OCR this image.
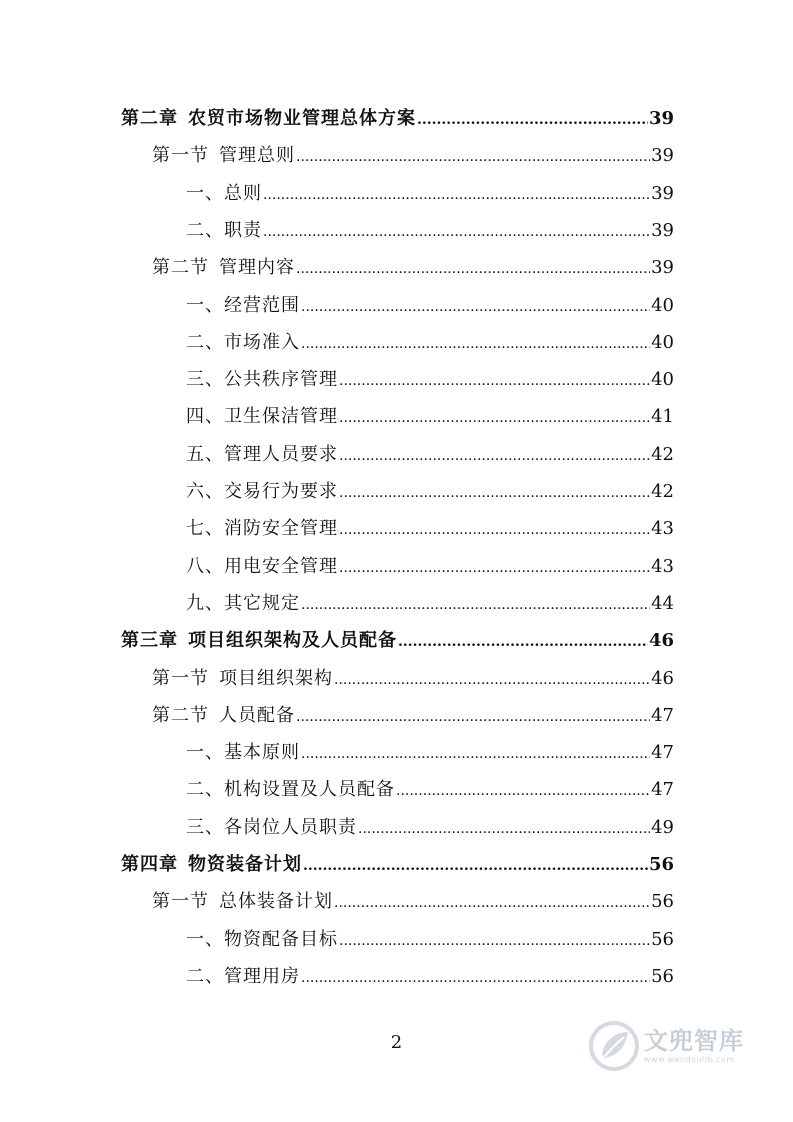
第二章 农贸市场物业管理总体方案 .....	39
第一节 管理总则 .....	39
一、总则 .....	39
二、职责 .....	39
第二节 管理内容 .....	39
一、经营范围 .....	40
二、市场准入 .....	40
三、公共秩序管理 .....	40
四、卫生保洁管理 .....	41
五、管理人员要求 .....	42
六、交易行为要求 .....	42
七、消防安全管理 .....	43
八、用电安全管理 .....	43
九、其它规定 .....	44
第三章 项目组织架构及人员配备 .....	46
第一节 项目组织架构 .....	46
第二节 人员配备 .....	47
一、基本原则 .....	47
二、机构设置及人员配备 .....	47
三、各岗位人员职责 .....	49
第四章 物资装备计划 .....	56
第一节 总体装备计划 .....	56
一、物资配备目标 .....	56
二、管理用房 .....	56
2	文兜智库
www.wendoulib.com
